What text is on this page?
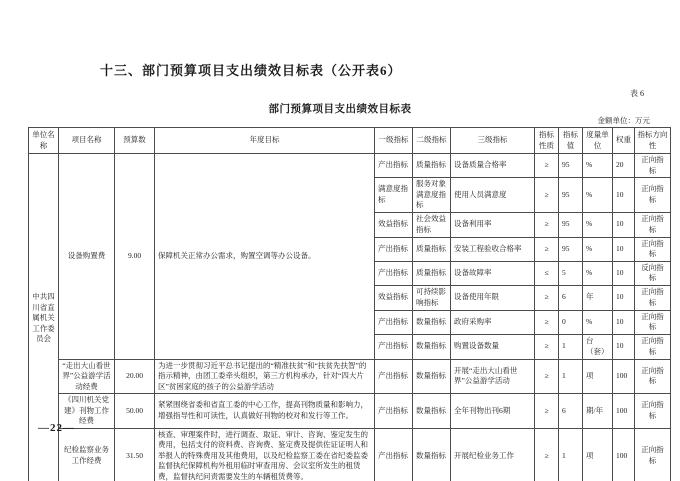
十三、部门预算项目支出绩效目标表（公开表6）
表 6
部门预算项目支出绩效目标表
金额单位：万元
单位名称	项目名称	预算数	年度目标	一级指标	二级指标	三级指标	指标性质	指标值	度量单位	权重	指标方向性
中共四川省直属机关工作委员会	设备购置费	9.00	保障机关正常办公需求，购置空调等办公设备。	产出指标	质量指标	设备质量合格率	≥	95	%	20	正向指标
				满意度指标	服务对象满意度指标	使用人员满意度	≥	95	%	10	正向指标
				效益指标	社会效益指标	设备利用率	≥	95	%	10	正向指标
				产出指标	质量指标	安装工程验收合格率	≥	95	%	10	正向指标
				产出指标	质量指标	设备故障率	≤	5	%	10	反向指标
				效益指标	可持续影响指标	设备使用年限	≥	6	年	10	正向指标
				产出指标	数量指标	政府采购率	≥	0	%	10	正向指标
				产出指标	数量指标	购置设备数量	≥	1	台（套）	10	正向指标
	“走出大山看世界”公益游学活动经费	20.00	为进一步贯彻习近平总书记提出的“精准扶贫”和“扶贫先扶智”的指示精神，由团工委牵头组织，第三方机构承办，针对“四大片区”贫困家庭的孩子的公益游学活动	产出指标	数量指标	开展“走出大山看世界”公益游学活动	≥	1	项	100	正向指标
	《四川机关党建》刊物工作经费	50.00	紧紧围绕省委和省直工委的中心工作，提高刊物质量和影响力，增强指导性和可读性，认真做好刊物的校对和发行等工作。	产出指标	数量指标	全年刊物出刊6期	≥	6	期/年	100	正向指标
	纪检监察业务工作经费	31.50	核查、审理案件时，进行调查、取证、审计、咨询、鉴定发生的费用，包括支付的资料费、咨询费、鉴定费及提供佐证证明人和举报人的特殊费用及其他费用，以及纪检监察工委在省纪委监委监督执纪保障机构外租用临时审查用房、会议室所发生的租赁费，监督执纪问责需要发生的车辆租赁费等。	产出指标	数量指标	开展纪检业务工作	≥	1	项	100	正向指标
—22—
